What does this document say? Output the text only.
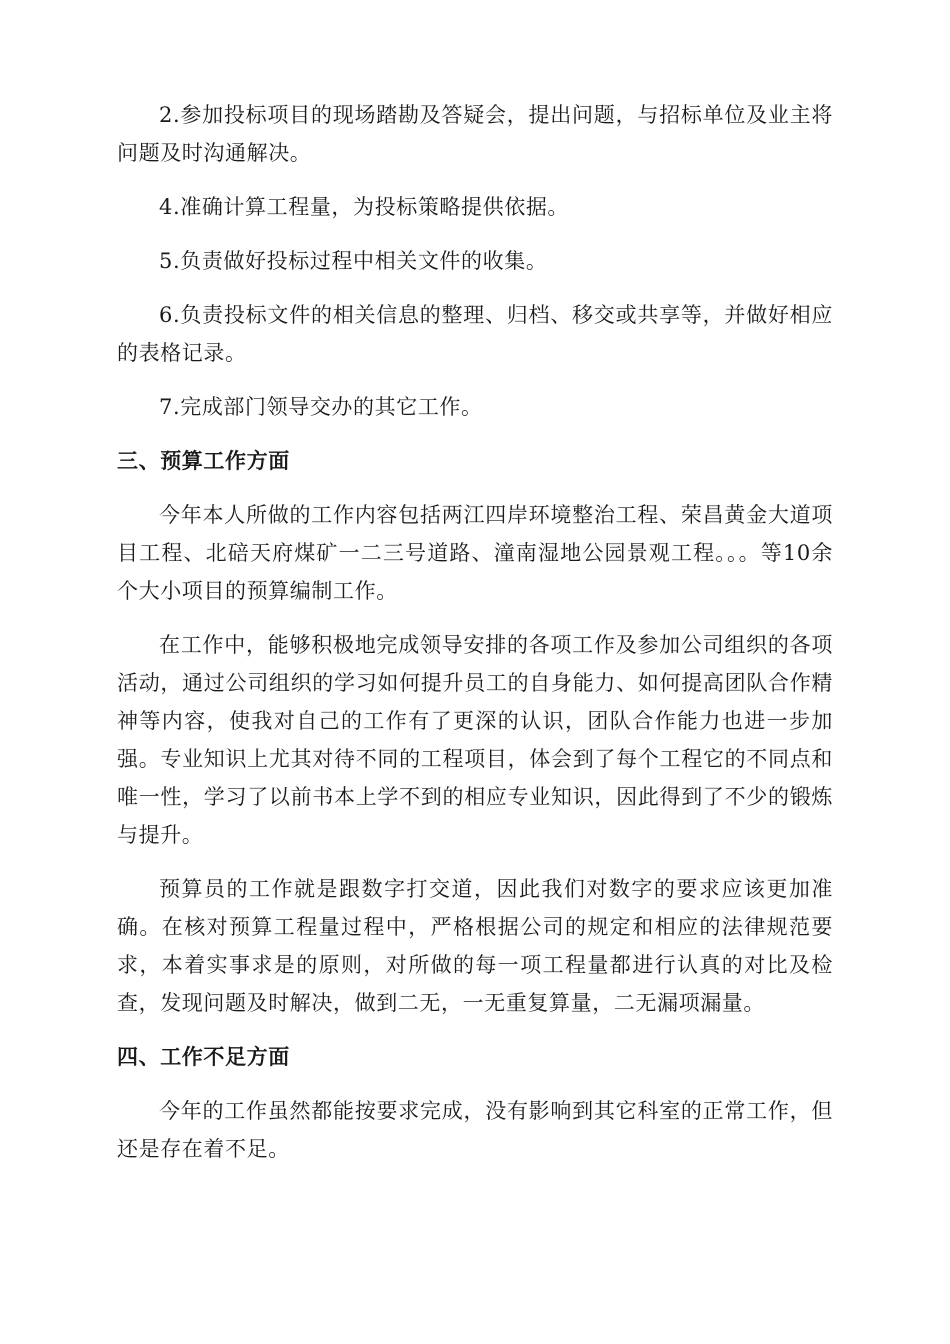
2.参加投标项目的现场踏勘及答疑会，提出问题，与招标单位及业主将问题及时沟通解决。

4.准确计算工程量，为投标策略提供依据。

5.负责做好投标过程中相关文件的收集。

6.负责投标文件的相关信息的整理、归档、移交或共享等，并做好相应的表格记录。

7.完成部门领导交办的其它工作。

三、预算工作方面

今年本人所做的工作内容包括两江四岸环境整治工程、荣昌黄金大道项目工程、北碚天府煤矿一二三号道路、潼南湿地公园景观工程。。。等10余个大小项目的预算编制工作。

在工作中，能够积极地完成领导安排的各项工作及参加公司组织的各项活动，通过公司组织的学习如何提升员工的自身能力、如何提高团队合作精神等内容，使我对自己的工作有了更深的认识，团队合作能力也进一步加强。专业知识上尤其对待不同的工程项目，体会到了每个工程它的不同点和唯一性，学习了以前书本上学不到的相应专业知识，因此得到了不少的锻炼与提升。

预算员的工作就是跟数字打交道，因此我们对数字的要求应该更加准确。在核对预算工程量过程中，严格根据公司的规定和相应的法律规范要求，本着实事求是的原则，对所做的每一项工程量都进行认真的对比及检查，发现问题及时解决，做到二无，一无重复算量，二无漏项漏量。

四、工作不足方面

今年的工作虽然都能按要求完成，没有影响到其它科室的正常工作，但还是存在着不足。
